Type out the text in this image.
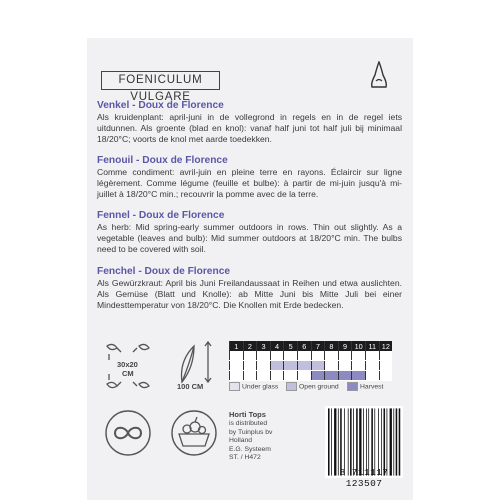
FOENICULUM VULGARE

Venkel - Doux de Florence

Als kruidenplant: april-juni in de vollegrond in regels en in de regel iets uitdunnen. Als groente (blad en knol): vanaf half juni tot half juli bij minimaal 18/20°C; voorts de knol met aarde toedekken.

Fenouil - Doux de Florence

Comme condiment: avril-juin en pleine terre en rayons. Éclaircir sur ligne légèrement. Comme légume (feuille et bulbe): à partir de mi-juin jusqu'à mi-juillet à 18/20°C min.; recouvrir la pomme avec de la terre.

Fennel - Doux de Florence

As herb: Mid spring-early summer outdoors in rows. Thin out slightly. As a vegetable (leaves and bulb): Mid summer outdoors at 18/20°C min. The bulbs need to be covered with soil.

Fenchel - Doux de Florence

Als Gewürzkraut: April bis Juni Freilandaussaat in Reihen und etwa auslichten. Als Gemüse (Blatt und Knolle): ab Mitte Juni bis Mitte Juli bei einer Mindesttemperatur von 18/20°C. Die Knollen mit Erde bedecken.

30x20
CM
100 CM
1	2	3	4	5	6	7	8	9	10	11	12

Under glass	Open ground	Harvest
Horti Tops
is distributed
by Tuinplus bv
Holland
E.G. Systeem
ST. / H472
8 711117 123507
